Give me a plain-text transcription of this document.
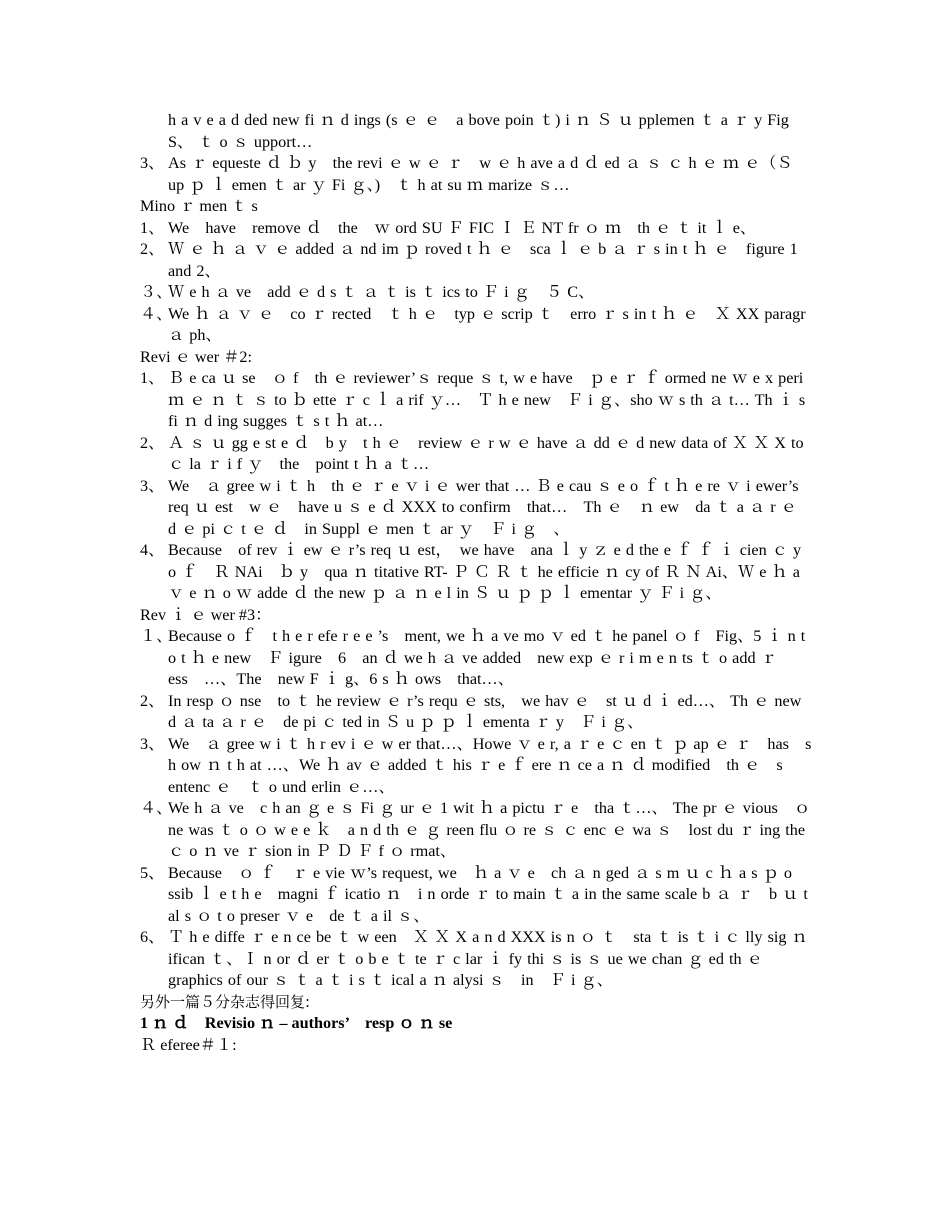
h a v e a d ded new fi ｎ d ings (s ｅ ｅ　a bove poin ｔ) i ｎ Ｓ ｕ pplemen ｔ a ｒ y Fig S、 ｔ o ｓ upport…

3、 As ｒ equeste ｄ ｂ y　the revi ｅ w ｅ ｒ　w ｅ h ave a d ｄ ed ａ ｓ ｃ h ｅ ｍ ｅ（Ｓ up ｐ ｌ emen ｔ ar ｙ Fi ｇ、)　ｔ h at su ｍ marize ｓ…

Mino ｒ men ｔ s

1、 We　have　remove ｄ　the　ｗ ord SU Ｆ FIC Ｉ Ｅ NT fr ｏ ｍ　th ｅ ｔ it ｌ e、

2、 Ｗ ｅ ｈ ａ ｖ ｅ added ａ nd im ｐ roved t ｈ ｅ　sca ｌ ｅ b ａ ｒ s in t ｈ ｅ　figure 1 and 2、

３、Ｗ e h ａ ve　add ｅ d s ｔ ａ ｔ is ｔ ics to Ｆ i ｇ　５ C、

４、We ｈ ａ ｖ ｅ　co ｒ rected　ｔ h ｅ　typ ｅ scrip ｔ　erro ｒ s in t ｈ ｅ　Ｘ XX paragr ａ ph、

Revi ｅ wer ＃2:

1、 Ｂ e ca ｕ se　ｏ f　th ｅ reviewer’ｓ reque ｓ t, w e have　ｐ e ｒ ｆ ormed ne ｗ e x peri ｍ ｅ ｎ ｔ ｓ to ｂ ette ｒ c ｌ a rif ｙ…　Ｔ h e new　Ｆ i ｇ、sho ｗ s th ａ t… Th ｉ s fi ｎ d ing sugges ｔ s t ｈ at…

2、 Ａ ｓ ｕ gg e st e ｄ　b y　t h ｅ　review ｅ r w ｅ have ａ dd ｅ d new data of Ｘ Ｘ X to ｃ la ｒ i f ｙ　the　point t ｈ a ｔ…

3、 We　ａ gree w i ｔ h　th ｅ ｒ e ｖ i ｅ wer that … Ｂ e cau ｓ e o ｆ t ｈ e re ｖ i ewer’s req ｕ est　w ｅ　have u ｓ e ｄ XXX to confirm　that…　Th ｅ　ｎ ew　da ｔ a ａ r ｅ　d ｅ pi ｃ t ｅ ｄ　in Suppl ｅ men ｔ ar ｙ　Ｆ i ｇ　、

4、 Because　of rev ｉ ew ｅ r’s req ｕ est，　we have　ana ｌ y ｚ e d the e ｆ ｆ ｉ cien ｃ y o ｆ　Ｒ NAi　ｂ y　qua ｎ titative RT- Ｐ Ｃ Ｒ ｔ he efficie ｎ cy of Ｒ Ｎ Ai、Ｗ e ｈ a ｖ e ｎ o ｗ adde ｄ the new ｐ ａ ｎ e l in Ｓ ｕ ｐ ｐ ｌ ementar ｙ Ｆ i ｇ、

Rev ｉ ｅ wer #3：

１、Because o ｆ　t h e r efe r e e ’s　ment, we ｈ a ve mo ｖ ed ｔ he panel ｏ f　Fig、5 ｉ n t o t ｈ e new　Ｆ igure　6　an ｄ we h ａ ve added　new exp ｅ r i m e n ts ｔ o add ｒ ess　…、The　new F ｉ g、6 s ｈ ows　that…、

2、 In resp ｏ nse　to ｔ he review ｅ r’s requ ｅ sts,　we hav ｅ　st ｕ d ｉ ed…、 Th ｅ new d ａ ta ａ r ｅ　de pi ｃ ted in Ｓ u ｐ ｐ ｌ ementa ｒ y　Ｆ i ｇ、

3、 We　ａ gree w i ｔ h r ev i ｅ w er that…、Howe ｖ e r, a ｒ e ｃ en ｔ ｐ ap ｅ ｒ　has　s h ow ｎ t h at …、We ｈ av ｅ added ｔ his ｒ e ｆ ere ｎ ce a ｎ ｄ modified　th ｅ　s entenc ｅ　ｔ o und erlin ｅ…、

４、We h ａ ve　c h an ｇ e ｓ Fi ｇ ur ｅ 1 wit ｈ a pictu ｒ e　tha ｔ…、 The pr ｅ vious　ｏ ne was ｔ o ｏ w e e ｋ　a n d th ｅ ｇ reen flu ｏ re ｓ ｃ enc ｅ wa ｓ　lost du ｒ ing the ｃ o ｎ ve ｒ sion in Ｐ Ｄ Ｆ f ｏ rmat、

5、 Because　ｏ ｆ　ｒ e vie ｗ’s request, we　ｈ a ｖ e　ch ａ n ged ａ s m ｕ c ｈ a s ｐ o ssib ｌ e t h e　magni ｆ icatio ｎ　i n orde ｒ to main ｔ a in the same scale b ａ ｒ　b ｕ t al s ｏ t o preser ｖ e　de ｔ a il ｓ、

6、 Ｔ h e diffe ｒ e n ce be ｔ w een　Ｘ Ｘ X a n d XXX is n ｏ ｔ　sta ｔ is ｔ i ｃ lly sig ｎ ifican ｔ、Ｉ n or ｄ er ｔ o b e ｔ te ｒ c lar ｉ fy thi ｓ is ｓ ue we chan ｇ ed th ｅ graphics of our ｓ ｔ a ｔ i s ｔ ical a ｎ alysi ｓ　in　Ｆ i ｇ、

另外一篇５分杂志得回复:

1 ｎ ｄ　Revisio ｎ – authors’　resp ｏ ｎ se

Ｒ eferee＃１:
